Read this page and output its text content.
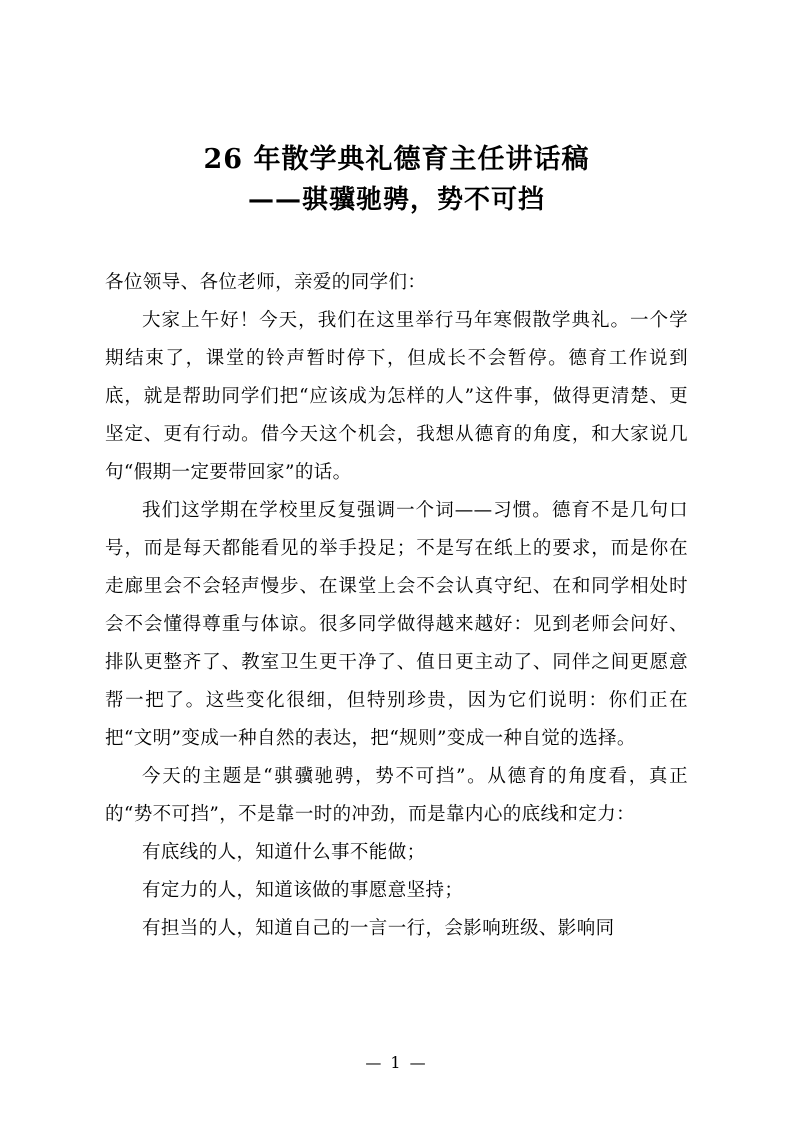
26 年散学典礼德育主任讲话稿
——骐骥驰骋，势不可挡

各位领导、各位老师，亲爱的同学们：

大家上午好！今天，我们在这里举行马年寒假散学典礼。一个学期结束了，课堂的铃声暂时停下，但成长不会暂停。德育工作说到底，就是帮助同学们把“应该成为怎样的人”这件事，做得更清楚、更坚定、更有行动。借今天这个机会，我想从德育的角度，和大家说几句“假期一定要带回家”的话。

我们这学期在学校里反复强调一个词——习惯。德育不是几句口号，而是每天都能看见的举手投足；不是写在纸上的要求，而是你在走廊里会不会轻声慢步、在课堂上会不会认真守纪、在和同学相处时会不会懂得尊重与体谅。很多同学做得越来越好：见到老师会问好、排队更整齐了、教室卫生更干净了、值日更主动了、同伴之间更愿意帮一把了。这些变化很细，但特别珍贵，因为它们说明：你们正在把“文明”变成一种自然的表达，把“规则”变成一种自觉的选择。

今天的主题是“骐骥驰骋，势不可挡”。从德育的角度看，真正的“势不可挡”，不是靠一时的冲劲，而是靠内心的底线和定力：

有底线的人，知道什么事不能做；

有定力的人，知道该做的事愿意坚持；

有担当的人，知道自己的一言一行，会影响班级、影响同

— 1 —
